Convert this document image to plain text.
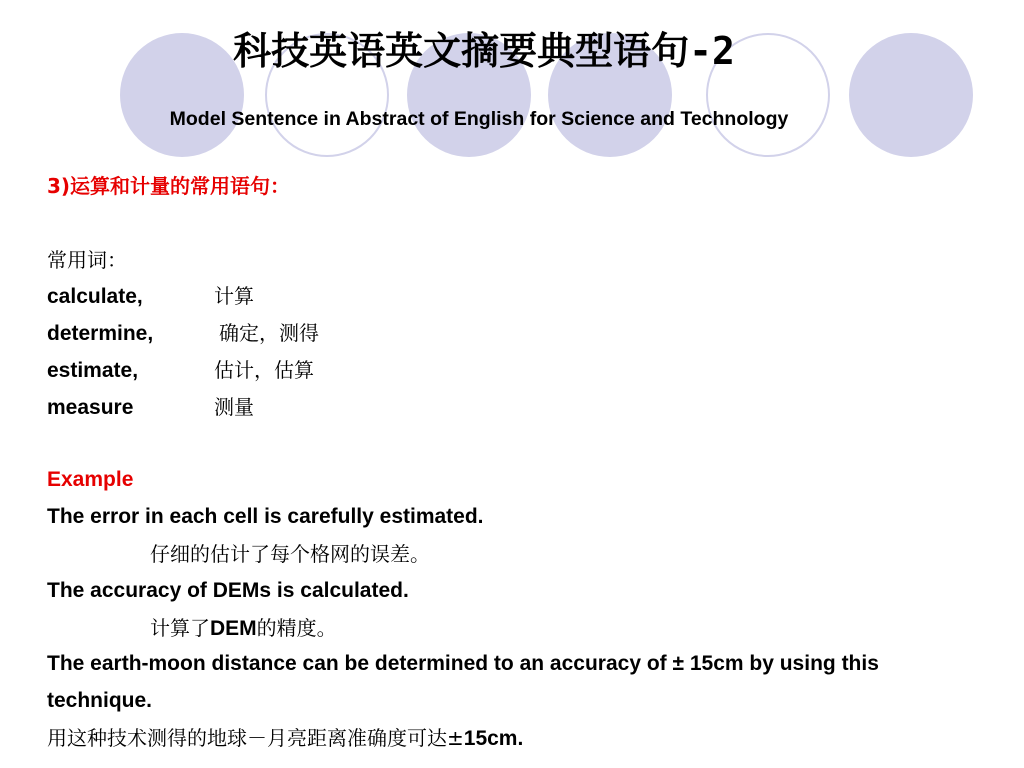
科技英语英文摘要典型语句-2
Model Sentence in Abstract of English for Science and Technology
3)运算和计量的常用语句：
常用词：
calculate,	计算
determine,	确定，测得
estimate,	估计，估算
measure	测量
Example
The error in each cell is carefully estimated.
仔细的估计了每个格网的误差。
The accuracy of DEMs is calculated.
计算了DEM的精度。
The earth-moon distance can be determined to an accuracy of ± 15cm by using this technique.
用这种技术测得的地球－月亮距离准确度可达±15cm.
